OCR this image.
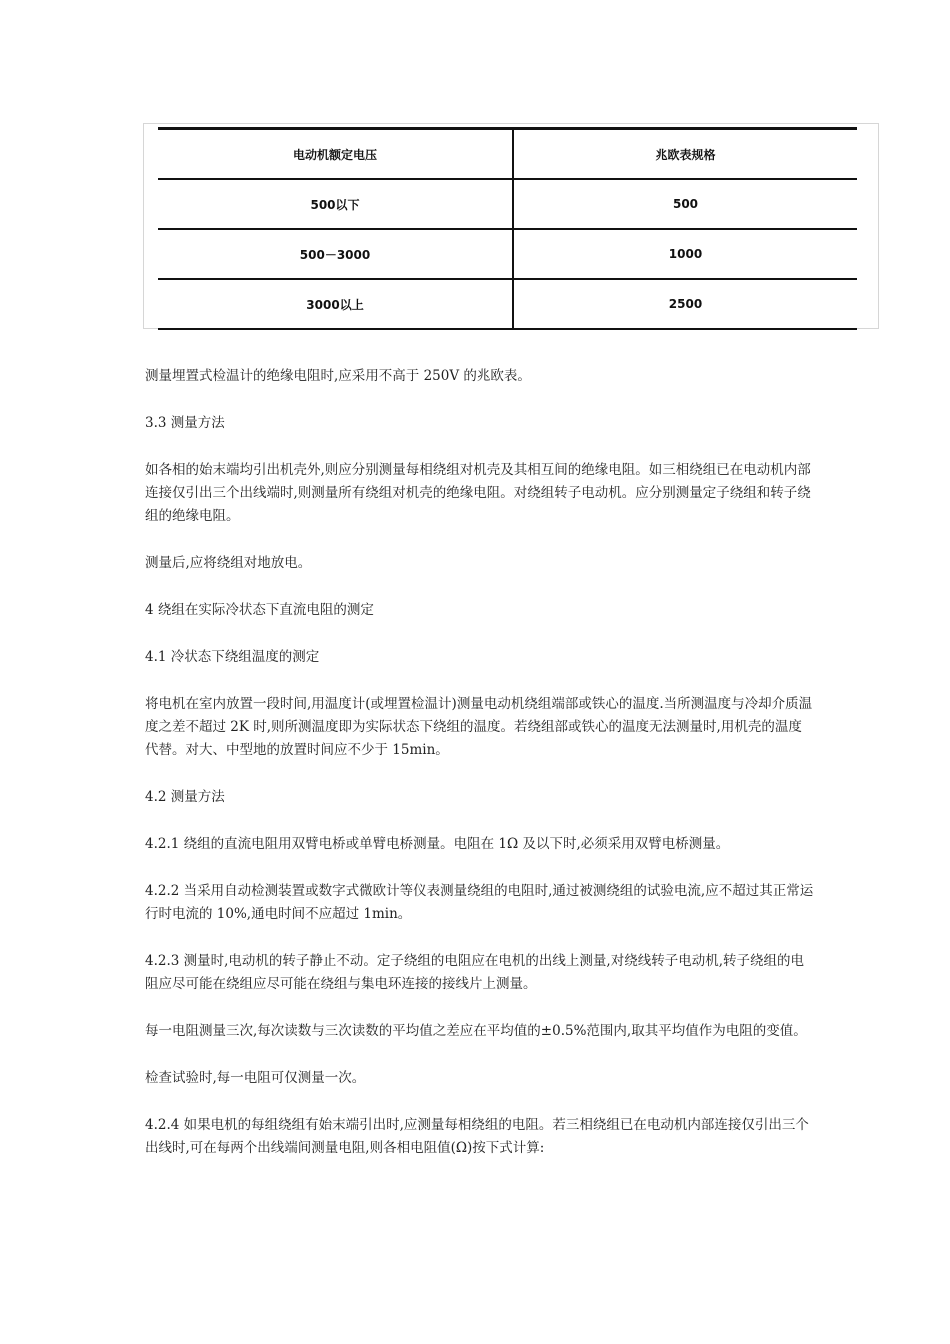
电动机额定电压	兆欧表规格
500以下	500
500－3000	1000
3000以上	2500

测量埋置式检温计的绝缘电阻时,应采用不高于 250V 的兆欧表。

3.3 测量方法

如各相的始末端均引出机壳外,则应分别测量每相绕组对机壳及其相互间的绝缘电阻。如三相绕组已在电动机内部连接仅引出三个出线端时,则测量所有绕组对机壳的绝缘电阻。对绕组转子电动机。应分别测量定子绕组和转子绕组的绝缘电阻。

测量后,应将绕组对地放电。

4 绕组在实际冷状态下直流电阻的测定

4.1 冷状态下绕组温度的测定

将电机在室内放置一段时间,用温度计(或埋置检温计)测量电动机绕组端部或铁心的温度.当所测温度与冷却介质温度之差不超过 2K 时,则所测温度即为实际状态下绕组的温度。若绕组部或铁心的温度无法测量时,用机壳的温度代替。对大、中型地的放置时间应不少于 15min。

4.2 测量方法

4.2.1 绕组的直流电阻用双臂电桥或单臂电桥测量。电阻在 1Ω 及以下时,必须采用双臂电桥测量。

4.2.2 当采用自动检测装置或数字式微欧计等仪表测量绕组的电阻时,通过被测绕组的试验电流,应不超过其正常运行时电流的 10%,通电时间不应超过 1min。

4.2.3 测量时,电动机的转子静止不动。定子绕组的电阻应在电机的出线上测量,对绕线转子电动机,转子绕组的电阻应尽可能在绕组应尽可能在绕组与集电环连接的接线片上测量。

每一电阻测量三次,每次读数与三次读数的平均值之差应在平均值的±0.5%范围内,取其平均值作为电阻的变值。

检查试验时,每一电阻可仅测量一次。

4.2.4 如果电机的每组绕组有始末端引出时,应测量每相绕组的电阻。若三相绕组已在电动机内部连接仅引出三个出线时,可在每两个出线端间测量电阻,则各相电阻值(Ω)按下式计算:
